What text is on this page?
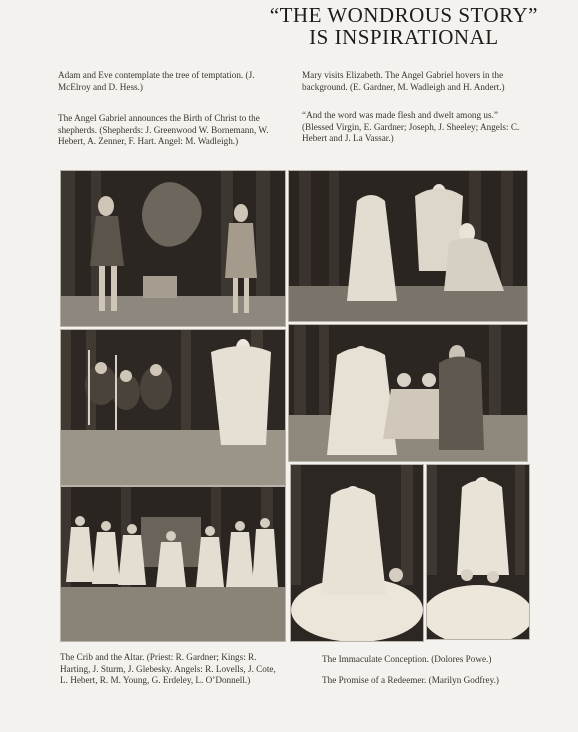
“THE WONDROUS STORY”
IS INSPIRATIONAL
Adam and Eve contemplate the tree of temptation. (J. McElroy and D. Hess.)
The Angel Gabriel announces the Birth of Christ to the shepherds. (Shepherds: J. Greenwood W. Bornemann, W. Hebert, A. Zenner, F. Hart. Angel: M. Wadleigh.)
Mary visits Elizabeth. The Angel Gabriel hovers in the background. (E. Gardner, M. Wadleigh and H. Andert.)
“And the word was made flesh and dwelt among us.” (Blessed Virgin, E. Gardner; Joseph, J. Sheeley; Angels: C. Hebert and J. La Vassar.)
The Crib and the Altar. (Priest: R. Gardner; Kings: R. Harting, J. Sturm, J. Glebesky. Angels: R. Lovells, J. Cote, L. Hebert, R. M. Young, G. Erdeley, L. O’Donnell.)
The Immaculate Conception. (Dolores Powe.)
The Promise of a Redeemer. (Marilyn Godfrey.)
